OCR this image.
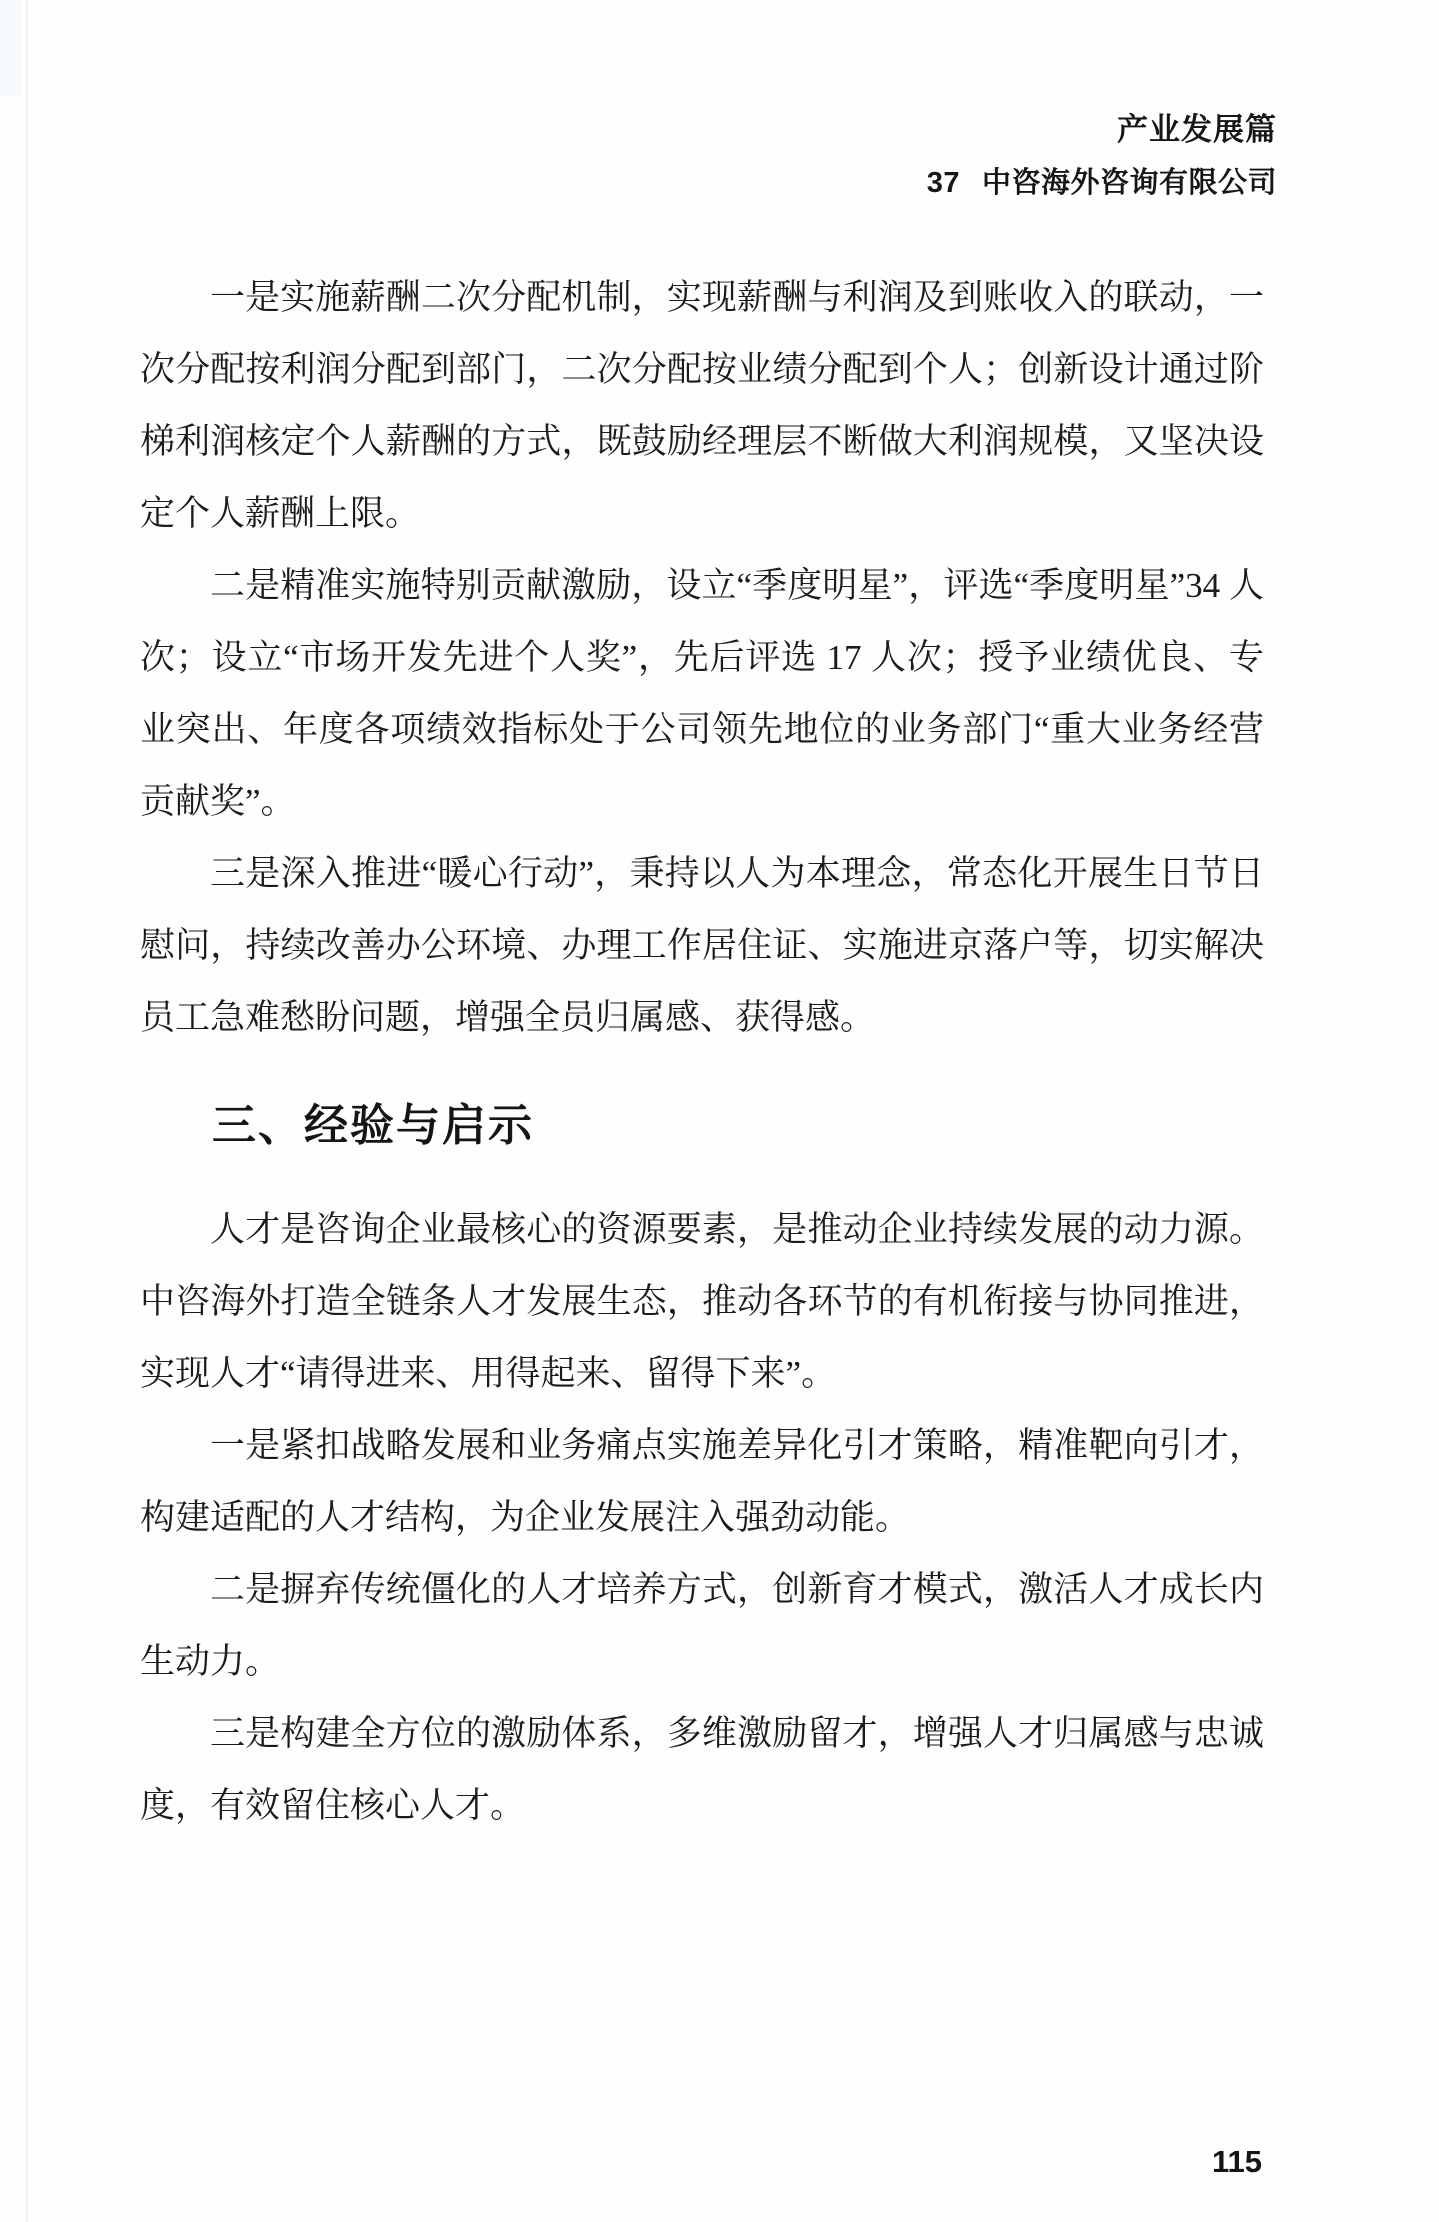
产业发展篇
37 中咨海外咨询有限公司

一是实施薪酬二次分配机制，实现薪酬与利润及到账收入的联动，一次分配按利润分配到部门，二次分配按业绩分配到个人；创新设计通过阶梯利润核定个人薪酬的方式，既鼓励经理层不断做大利润规模，又坚决设定个人薪酬上限。

二是精准实施特别贡献激励，设立“季度明星”，评选“季度明星”34 人次；设立“市场开发先进个人奖”，先后评选 17 人次；授予业绩优良、专业突出、年度各项绩效指标处于公司领先地位的业务部门“重大业务经营贡献奖”。

三是深入推进“暖心行动”，秉持以人为本理念，常态化开展生日节日慰问，持续改善办公环境、办理工作居住证、实施进京落户等，切实解决员工急难愁盼问题，增强全员归属感、获得感。

三、经验与启示

人才是咨询企业最核心的资源要素，是推动企业持续发展的动力源。中咨海外打造全链条人才发展生态，推动各环节的有机衔接与协同推进，实现人才“请得进来、用得起来、留得下来”。

一是紧扣战略发展和业务痛点实施差异化引才策略，精准靶向引才，构建适配的人才结构，为企业发展注入强劲动能。

二是摒弃传统僵化的人才培养方式，创新育才模式，激活人才成长内生动力。

三是构建全方位的激励体系，多维激励留才，增强人才归属感与忠诚度，有效留住核心人才。

115
